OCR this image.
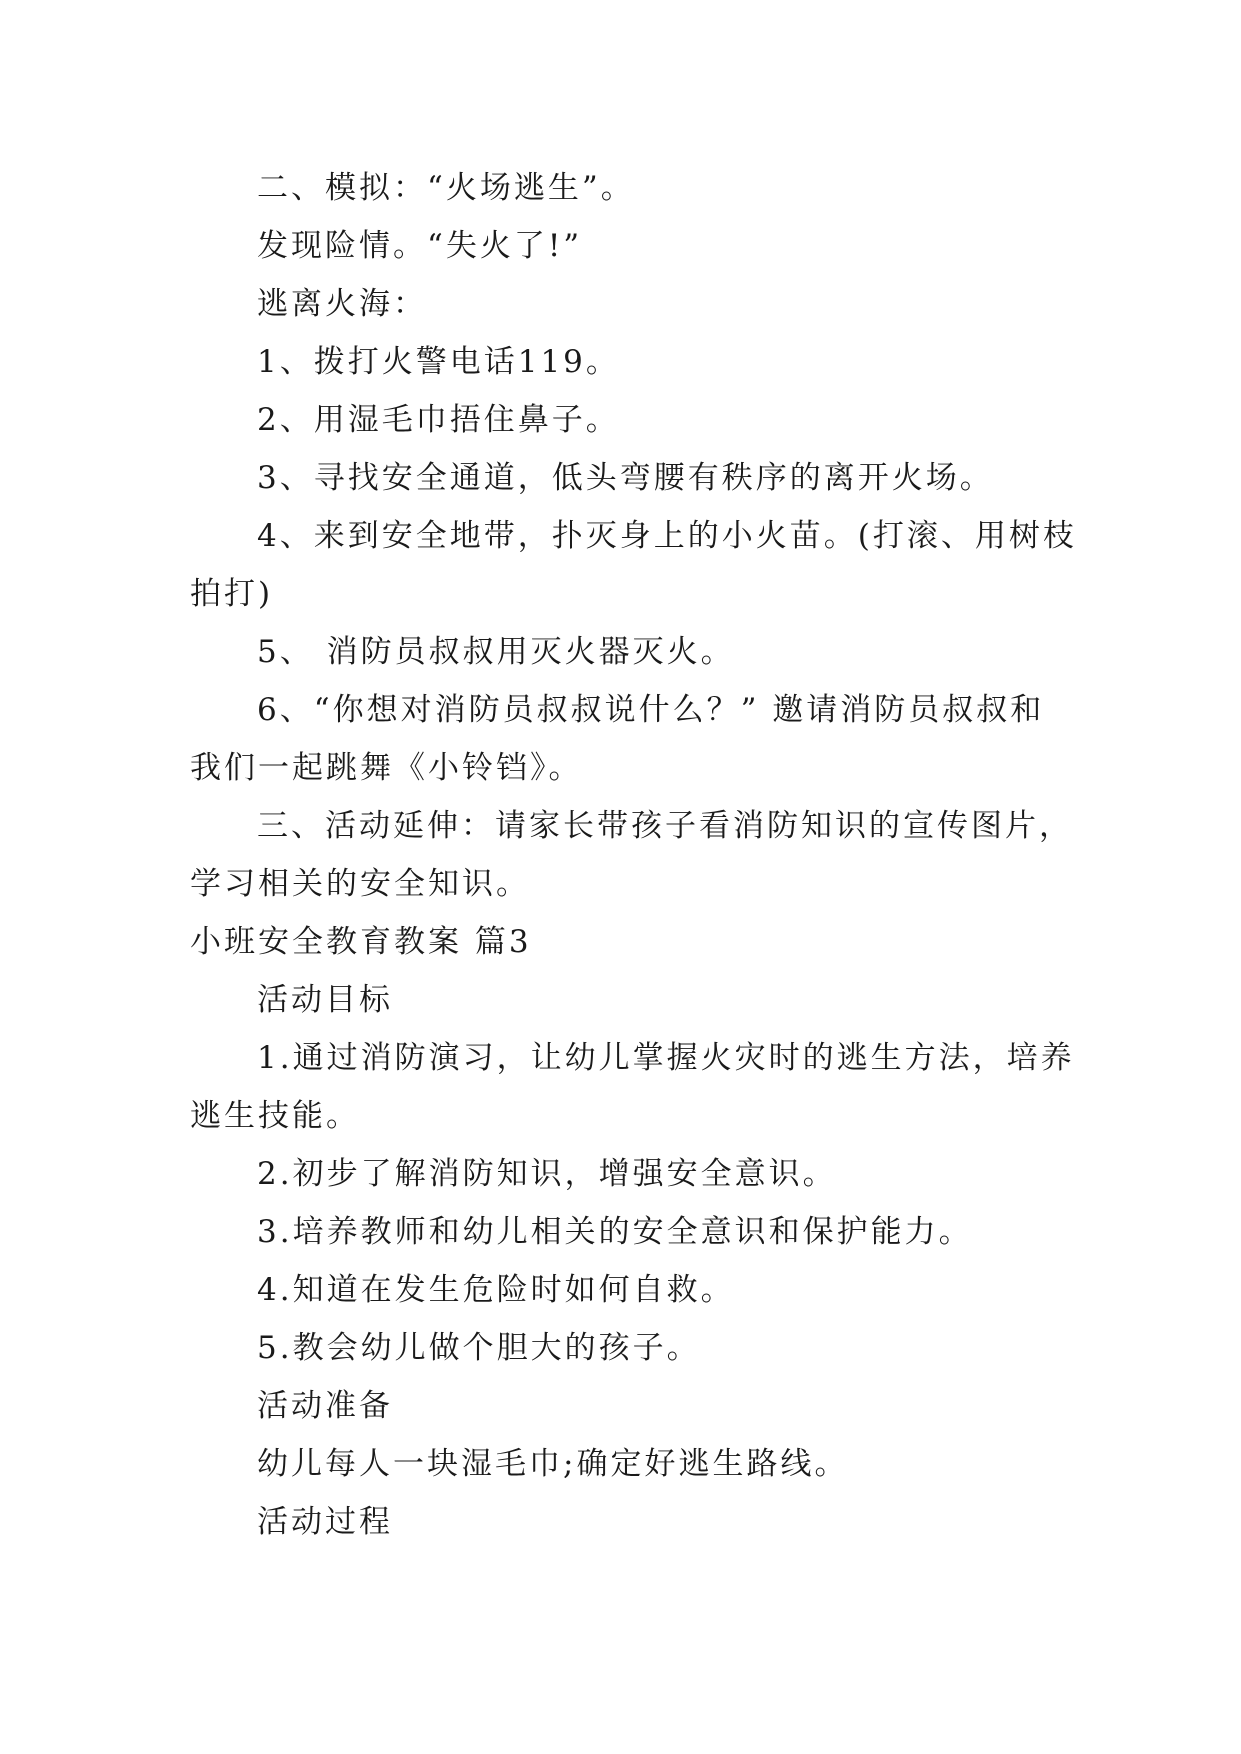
二、模拟：“火场逃生”。
发现险情。“失火了!”
逃离火海：
1、拨打火警电话119。
2、用湿毛巾捂住鼻子。
3、寻找安全通道，低头弯腰有秩序的离开火场。
4、来到安全地带，扑灭身上的小火苗。(打滚、用树枝
拍打)
5、 消防员叔叔用灭火器灭火。
6、“你想对消防员叔叔说什么？” 邀请消防员叔叔和
我们一起跳舞《小铃铛》。
三、活动延伸：请家长带孩子看消防知识的宣传图片，
学习相关的安全知识。
小班安全教育教案 篇3
活动目标
1.通过消防演习，让幼儿掌握火灾时的逃生方法，培养
逃生技能。
2.初步了解消防知识，增强安全意识。
3.培养教师和幼儿相关的安全意识和保护能力。
4.知道在发生危险时如何自救。
5.教会幼儿做个胆大的孩子。
活动准备
幼儿每人一块湿毛巾;确定好逃生路线。
活动过程
